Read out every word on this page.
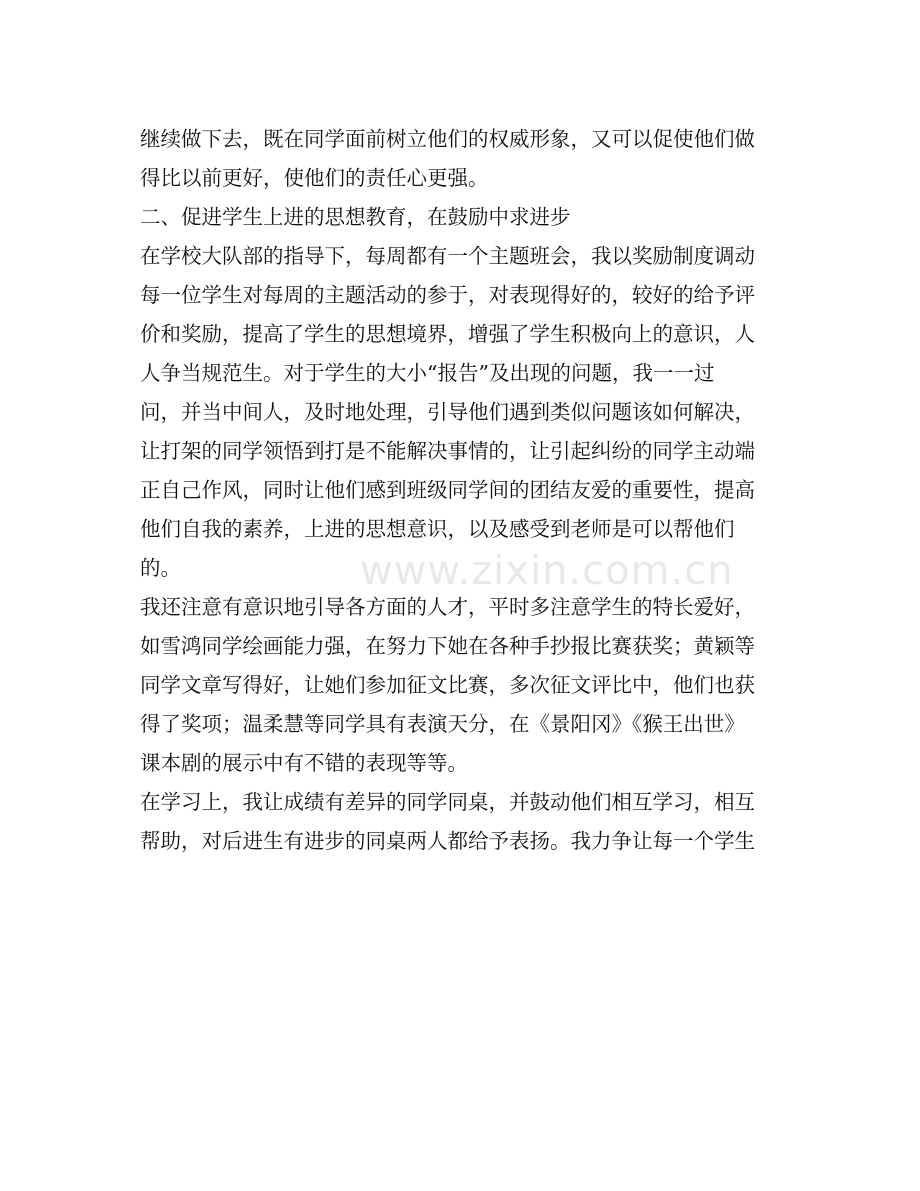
继续做下去，既在同学面前树立他们的权威形象，又可以促使他们做
得比以前更好，使他们的责任心更强。
二、促进学生上进的思想教育，在鼓励中求进步
在学校大队部的指导下，每周都有一个主题班会，我以奖励制度调动
每一位学生对每周的主题活动的参于，对表现得好的，较好的给予评
价和奖励，提高了学生的思想境界，增强了学生积极向上的意识，人
人争当规范生。对于学生的大小“报告”及出现的问题，我一一过
问，并当中间人，及时地处理，引导他们遇到类似问题该如何解决，
让打架的同学领悟到打是不能解决事情的，让引起纠纷的同学主动端
正自己作风，同时让他们感到班级同学间的团结友爱的重要性，提高
他们自我的素养，上进的思想意识，以及感受到老师是可以帮他们
的。
我还注意有意识地引导各方面的人才，平时多注意学生的特长爱好，
如雪鸿同学绘画能力强，在努力下她在各种手抄报比赛获奖；黄颖等
同学文章写得好，让她们参加征文比赛，多次征文评比中，他们也获
得了奖项；温柔慧等同学具有表演天分，在《景阳冈》《猴王出世》
课本剧的展示中有不错的表现等等。
在学习上，我让成绩有差异的同学同桌，并鼓动他们相互学习，相互
帮助，对后进生有进步的同桌两人都给予表扬。我力争让每一个学生
www.zixin.com.cn
